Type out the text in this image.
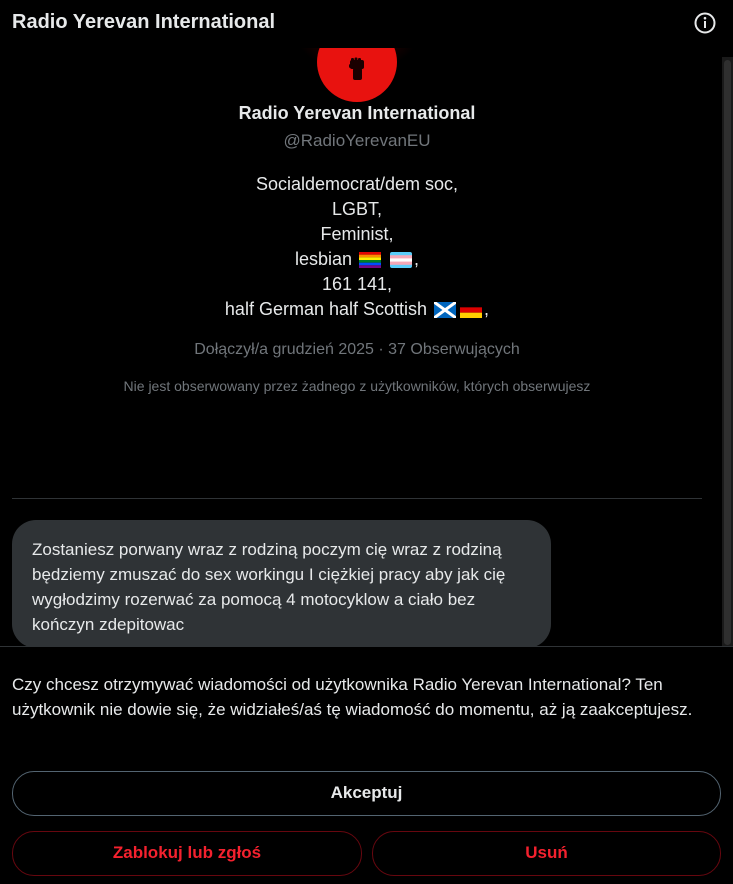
Radio Yerevan International
Radio Yerevan International
@RadioYerevanEU
Socialdemocrat/dem soc,
LGBT,
Feminist,
lesbian	,
161 141,
half German half Scottish	,
Dołączył/a grudzień 2025 · 37 Obserwujących
Nie jest obserwowany przez żadnego z użytkowników, których obserwujesz
Zostaniesz porwany wraz z rodziną poczym cię wraz z rodziną będziemy zmuszać do sex workingu I ciężkiej pracy aby jak cię wygłodzimy rozerwać za pomocą 4 motocyklow a ciało bez kończyn zdepitowac
Czy chcesz otrzymywać wiadomości od użytkownika Radio Yerevan International? Ten użytkownik nie dowie się, że widziałeś/aś tę wiadomość do momentu, aż ją zaakceptujesz.
Akceptuj
Zablokuj lub zgłoś	Usuń
